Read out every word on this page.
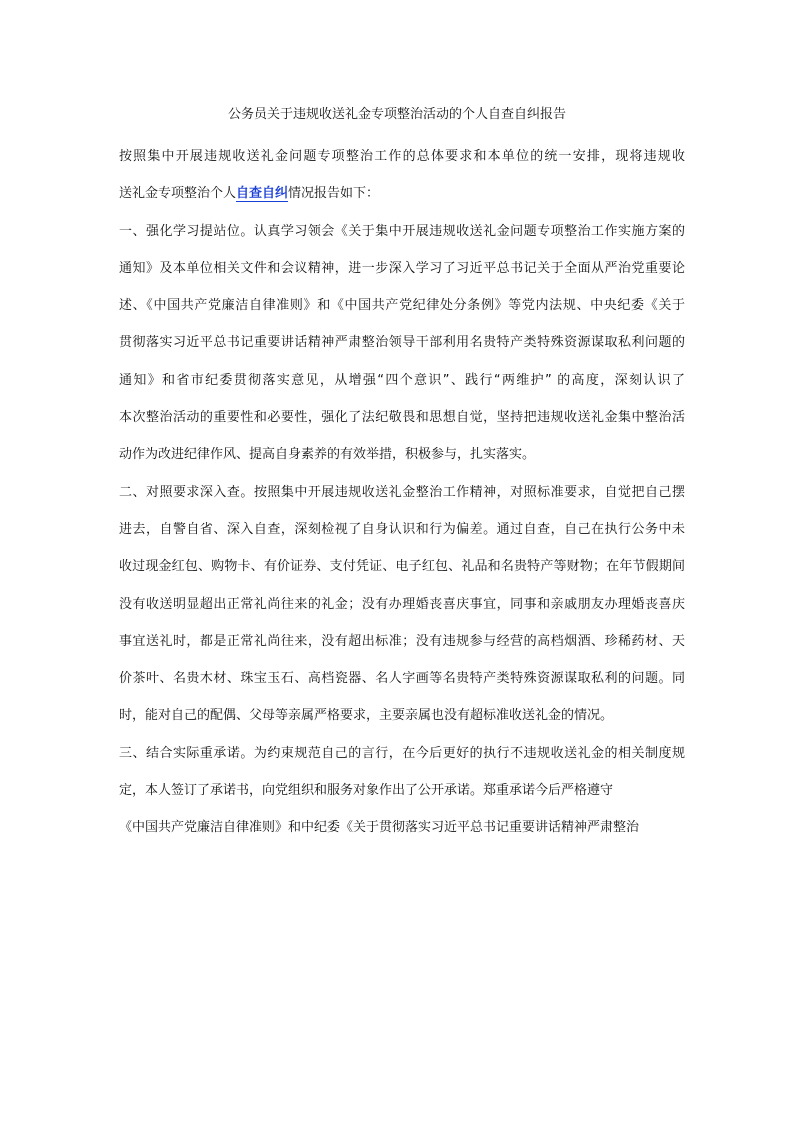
公务员关于违规收送礼金专项整治活动的个人自查自纠报告
按照集中开展违规收送礼金问题专项整治工作的总体要求和本单位的统一安排，现将违规收
送礼金专项整治个人自查自纠情况报告如下：
一、强化学习提站位。认真学习领会《关于集中开展违规收送礼金问题专项整治工作实施方案的
通知》及本单位相关文件和会议精神，进一步深入学习了习近平总书记关于全面从严治党重要论
述、《中国共产党廉洁自律准则》和《中国共产党纪律处分条例》等党内法规、中央纪委《关于
贯彻落实习近平总书记重要讲话精神严肃整治领导干部利用名贵特产类特殊资源谋取私利问题的
通知》和省市纪委贯彻落实意见，从增强“四个意识”、践行“两维护” 的高度，深刻认识了
本次整治活动的重要性和必要性，强化了法纪敬畏和思想自觉，坚持把违规收送礼金集中整治活
动作为改进纪律作风、提高自身素养的有效举措，积极参与，扎实落实。
二、对照要求深入查。按照集中开展违规收送礼金整治工作精神，对照标准要求，自觉把自己摆
进去，自警自省、深入自查，深刻检视了自身认识和行为偏差。通过自查，自己在执行公务中未
收过现金红包、购物卡、有价证券、支付凭证、电子红包、礼品和名贵特产等财物；在年节假期间
没有收送明显超出正常礼尚往来的礼金；没有办理婚丧喜庆事宜，同事和亲戚朋友办理婚丧喜庆
事宜送礼时，都是正常礼尚往来，没有超出标准；没有违规参与经营的高档烟酒、珍稀药材、天
价茶叶、名贵木材、珠宝玉石、高档瓷器、名人字画等名贵特产类特殊资源谋取私利的问题。同
时，能对自己的配偶、父母等亲属严格要求，主要亲属也没有超标准收送礼金的情况。
三、结合实际重承诺。为约束规范自己的言行，在今后更好的执行不违规收送礼金的相关制度规
定，本人签订了承诺书，向党组织和服务对象作出了公开承诺。郑重承诺今后严格遵守
《中国共产党廉洁自律准则》和中纪委《关于贯彻落实习近平总书记重要讲话精神严肃整治
